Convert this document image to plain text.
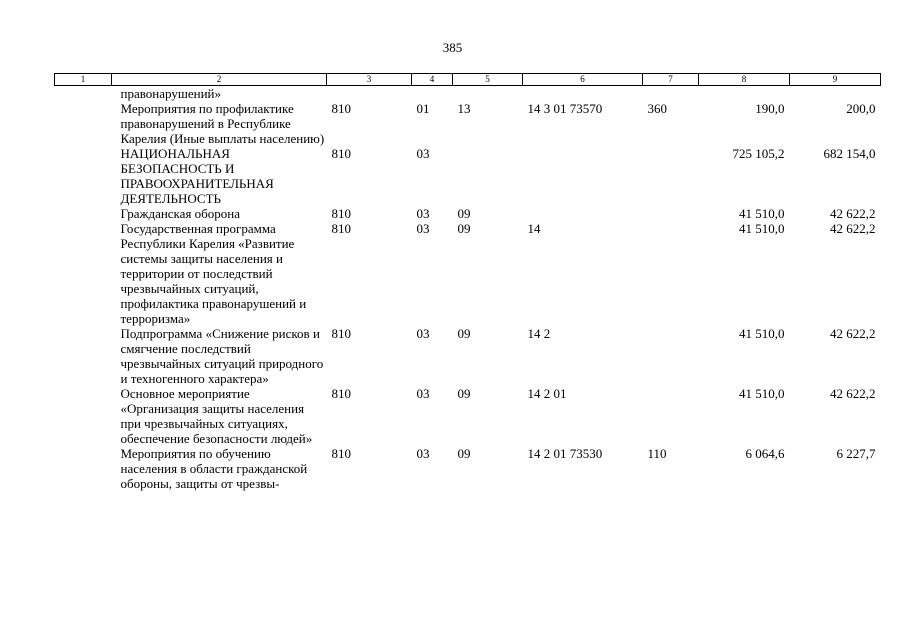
385
1	2	3	4	5	6	7	8	9
	правонарушений»							
	Мероприятия по профилактике правонарушений в Республике Карелия (Иные выплаты населению)	810	01	13	14 3 01 73570	360	190,0	200,0
	НАЦИОНАЛЬНАЯ БЕЗОПАСНОСТЬ И ПРАВООХРАНИТЕЛЬНАЯ ДЕЯТЕЛЬНОСТЬ	810	03				725 105,2	682 154,0
	Гражданская оборона	810	03	09			41 510,0	42 622,2
	Государственная программа Республики Карелия «Развитие системы защиты населения и территории от последствий чрезвычайных ситуаций, профилактика правонарушений и терроризма»	810	03	09	14		41 510,0	42 622,2
	Подпрограмма «Снижение рисков и смягчение последствий чрезвычайных ситуаций природного и техногенного характера»	810	03	09	14 2		41 510,0	42 622,2
	Основное мероприятие «Организация защиты населения при чрезвычайных ситуациях, обеспечение безопасности людей»	810	03	09	14 2 01		41 510,0	42 622,2
	Мероприятия по обучению населения в области гражданской обороны, защиты от чрезвы-	810	03	09	14 2 01 73530	110	6 064,6	6 227,7
